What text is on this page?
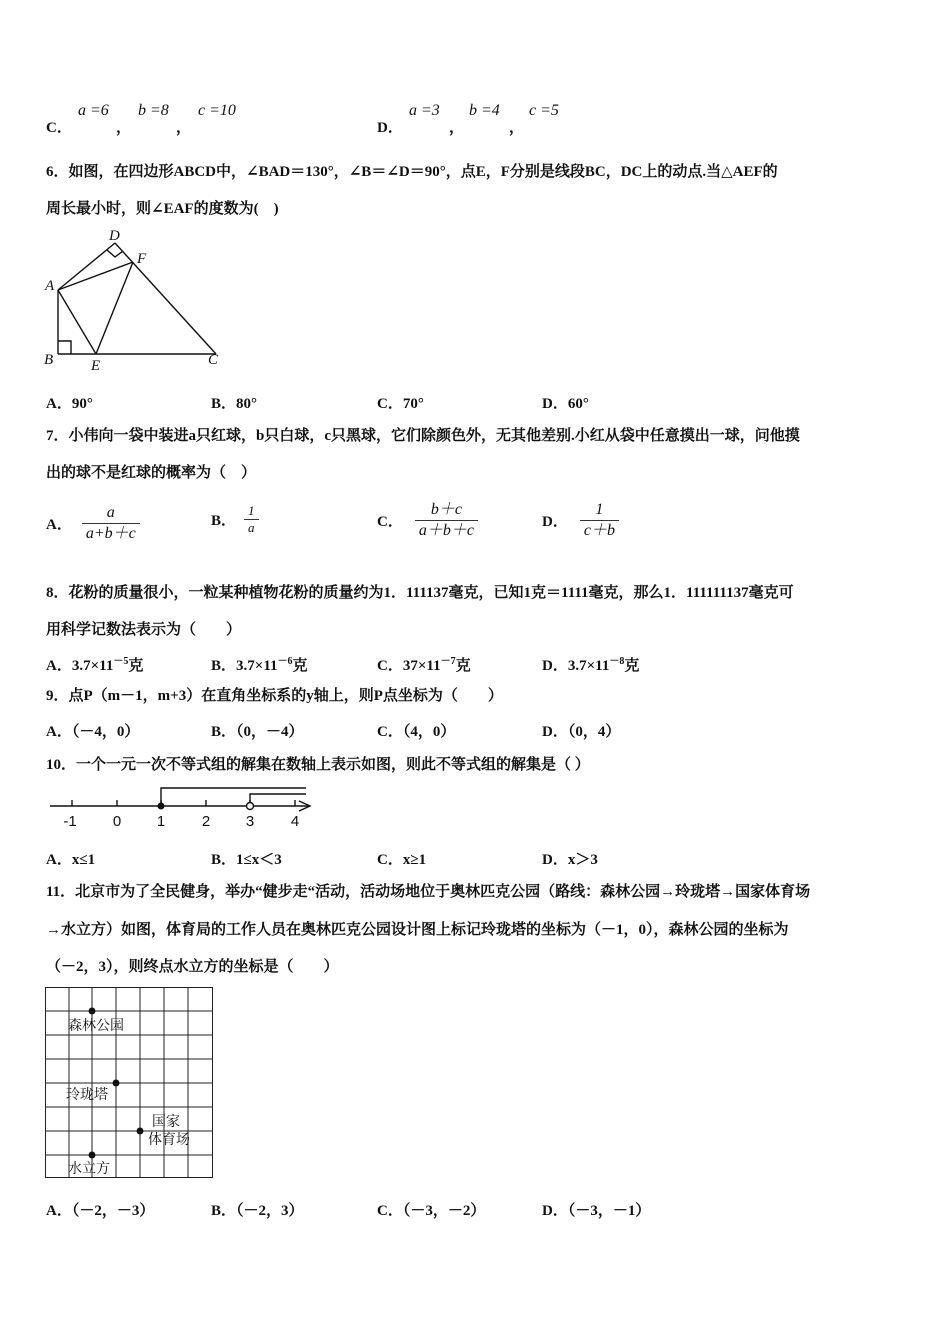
C．
a =6
，
b =8
，
c =10
D．
a =3
，
b =4
，
c =5
6．如图，在四边形ABCD中，∠BAD＝130°，∠B＝∠D＝90°，点E，F分别是线段BC，DC上的动点.当△AEF的
周长最小时，则∠EAF的度数为(　)
D
F
A
B	E	C
A．90°	B．80°	C．70°	D．60°
7．小伟向一袋中装进a只红球，b只白球，c只黑球，它们除颜色外，无其他差别.小红从袋中任意摸出一球，问他摸
出的球不是红球的概率为（　）
A． $\frac{a}{a+b+c}$	B． $\frac{1}{a}$	C． $\frac{b+c}{a+b+c}$	D． $\frac{1}{c+b}$
8．花粉的质量很小，一粒某种植物花粉的质量约为1．111137毫克，已知1克＝1111毫克，那么1．111111137毫克可
用科学记数法表示为（　　）
A．$3.7\times 11^{-5}$克	B．$3.7\times 11^{-6}$克	C．$37\times 11^{-7}$克	D．$3.7\times 11^{-8}$克
9．点P（m－1，m+3）在直角坐标系的y轴上，则P点坐标为（　　）
A．（－4，0）	B．（0，－4）	C．（4，0）	D．（0，4）
10．一个一元一次不等式组的解集在数轴上表示如图，则此不等式组的解集是（ ）
-1 0 1 2 3 4
A．x≤1	B．1≤x＜3	C．x≥1	D．x＞3
11．北京市为了全民健身，举办“健步走“活动，活动场地位于奥林匹克公园（路线：森林公园→玲珑塔→国家体育场
→水立方）如图，体育局的工作人员在奥林匹克公园设计图上标记玲珑塔的坐标为（－1，0），森林公园的坐标为
（－2，3），则终点水立方的坐标是（　　）
森林公园
玲珑塔
国家
体育场
水立方
A．（－2，－3）	B．（－2，3）	C．（－3，－2）	D．（－3，－1）
